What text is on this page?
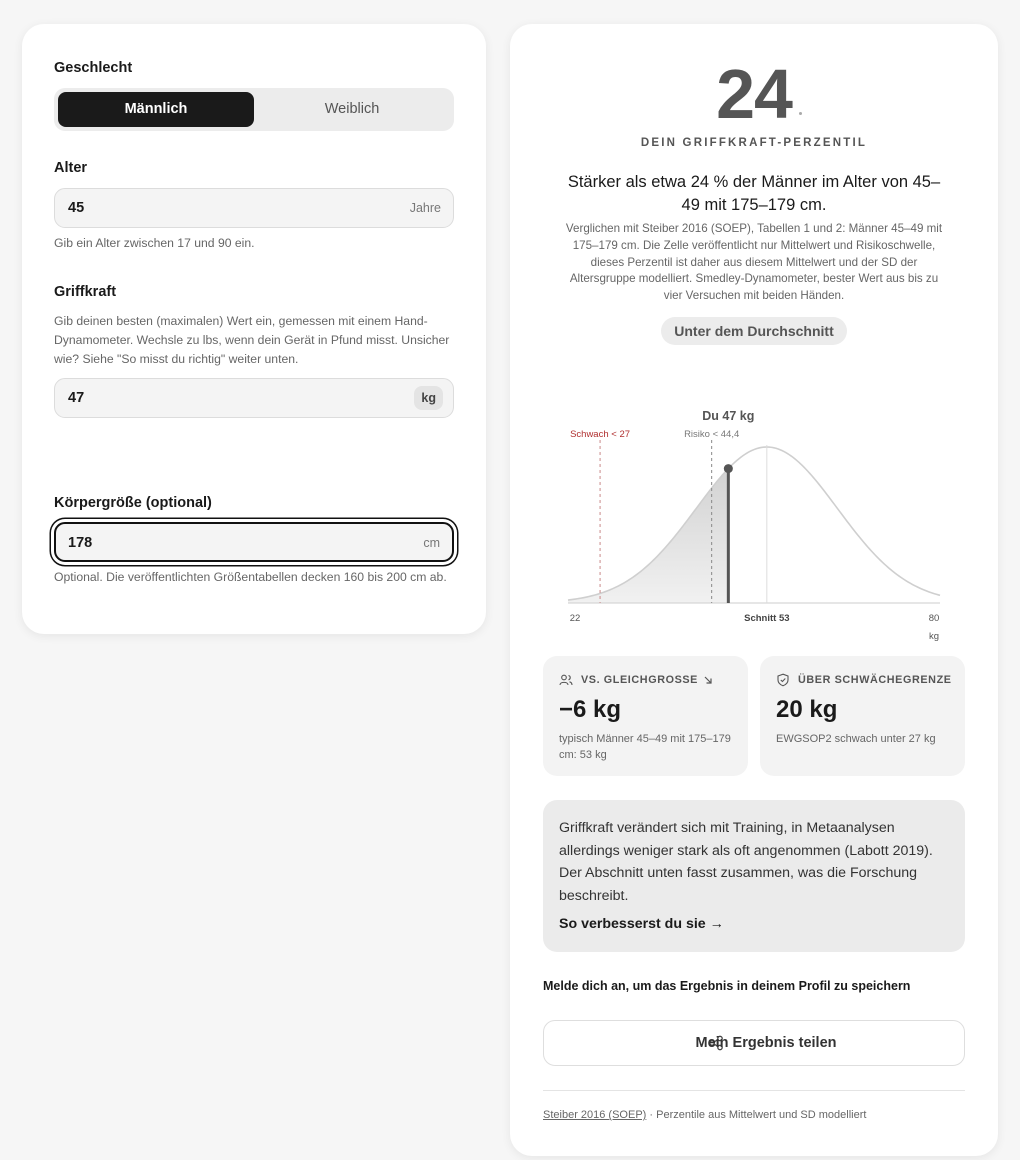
Geschlecht
Männlich	Weiblich
Alter
45	Jahre
Gib ein Alter zwischen 17 und 90 ein.
Griffkraft
Gib deinen besten (maximalen) Wert ein, gemessen mit einem Hand-Dynamometer. Wechsle zu lbs, wenn dein Gerät in Pfund misst. Unsicher wie? Siehe "So misst du richtig" weiter unten.
47	kg
Körpergröße (optional)
178	cm
Optional. Die veröffentlichten Größentabellen decken 160 bis 200 cm ab.
24
DEIN GRIFFKRAFT-PERZENTIL
Stärker als etwa 24 % der Männer im Alter von 45–49 mit 175–179 cm.
Verglichen mit Steiber 2016 (SOEP), Tabellen 1 und 2: Männer 45–49 mit 175–179 cm. Die Zelle veröffentlicht nur Mittelwert und Risikoschwelle, dieses Perzentil ist daher aus diesem Mittelwert und der SD der Altersgruppe modelliert. Smedley-Dynamometer, bester Wert aus bis zu vier Versuchen mit beiden Händen.
Unter dem Durchschnitt
Schwach < 27	Risiko < 44,4
Du 47 kg
22	Schnitt 53	80
kg
VS. GLEICHGROSSE
−6 kg
typisch Männer 45–49 mit 175–179 cm: 53 kg
ÜBER SCHWÄCHEGRENZE
20 kg
EWGSOP2 schwach unter 27 kg
Griffkraft verändert sich mit Training, in Metaanalysen allerdings weniger stark als oft angenommen (Labott 2019). Der Abschnitt unten fasst zusammen, was die Forschung beschreibt.
So verbesserst du sie →
Melde dich an, um das Ergebnis in deinem Profil zu speichern
Mein Ergebnis teilen
Steiber 2016 (SOEP) · Perzentile aus Mittelwert und SD modelliert
